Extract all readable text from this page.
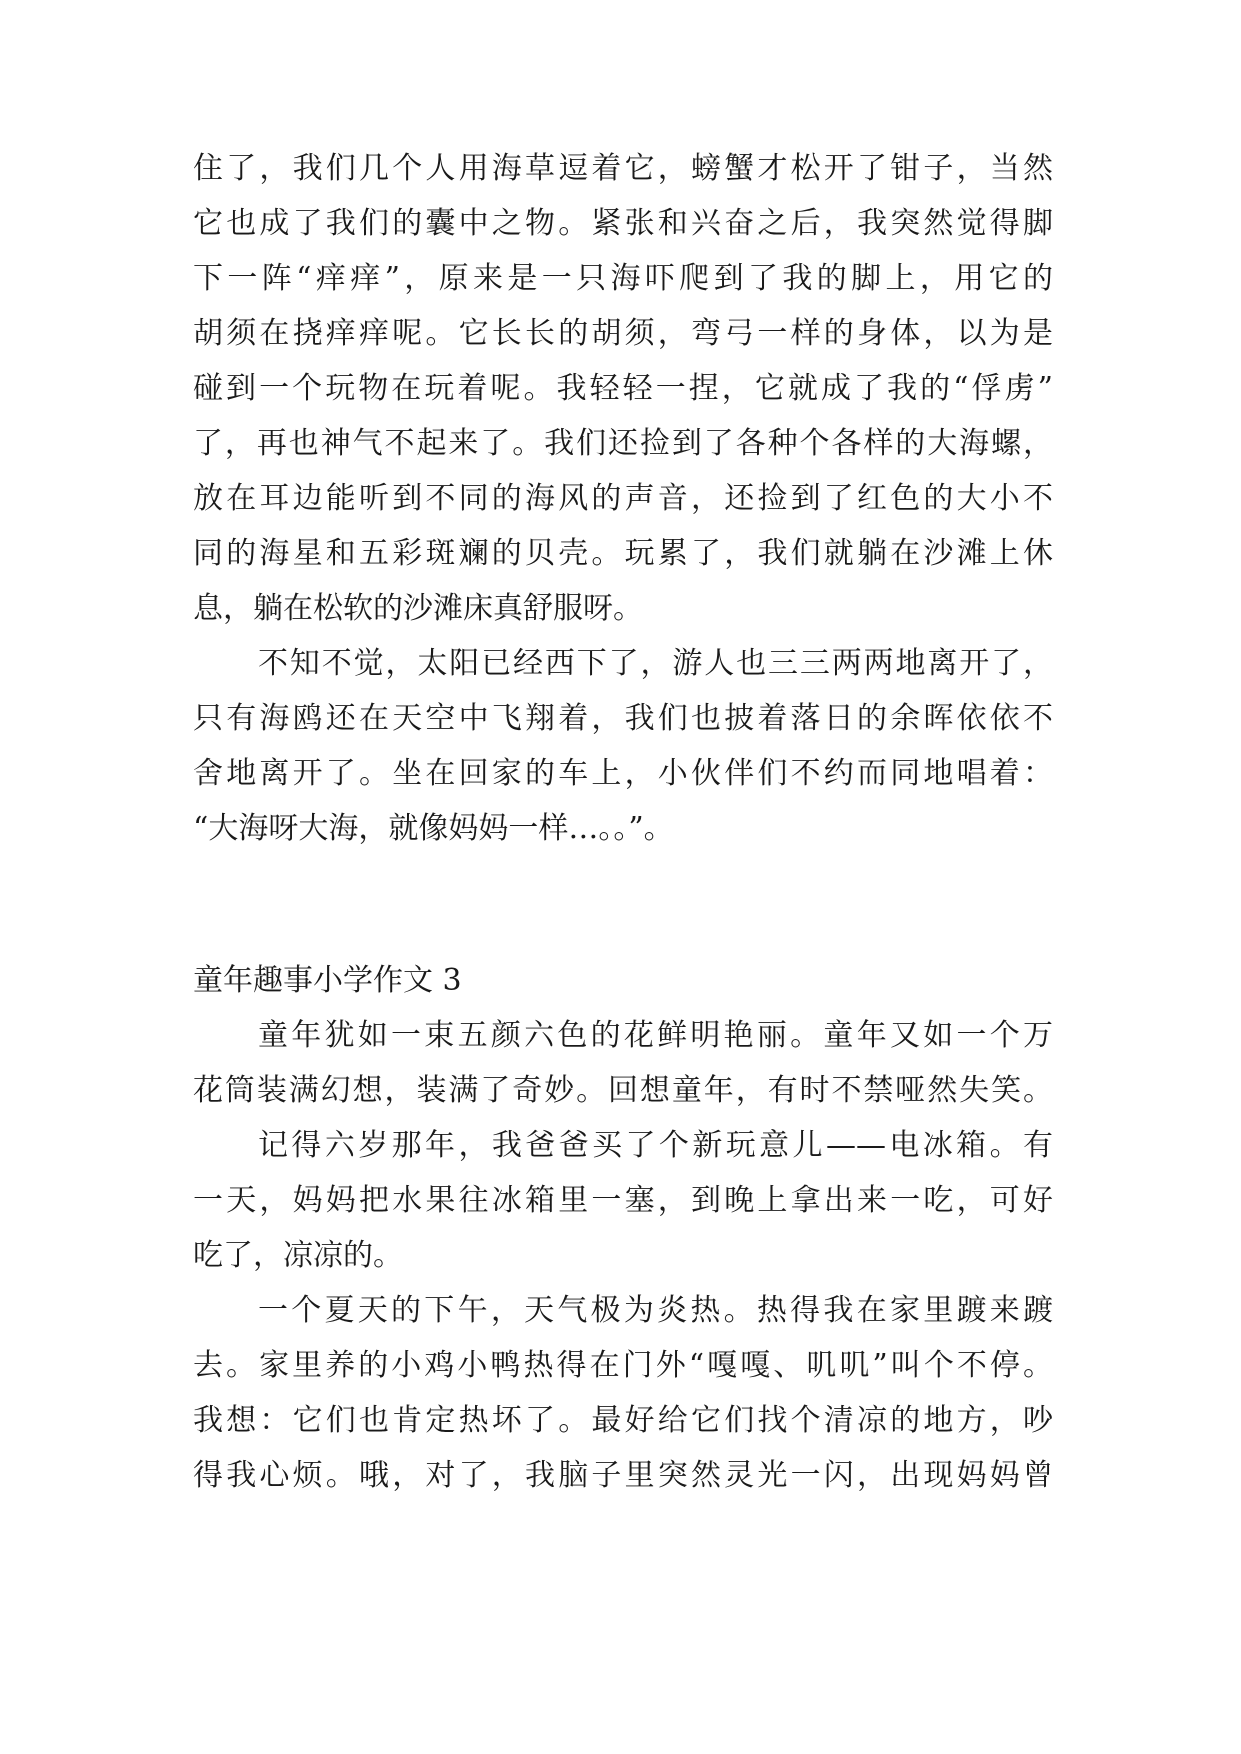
住了，我们几个人用海草逗着它，螃蟹才松开了钳子，当然
它也成了我们的囊中之物。紧张和兴奋之后，我突然觉得脚
下一阵“痒痒”，原来是一只海吓爬到了我的脚上，用它的
胡须在挠痒痒呢。它长长的胡须，弯弓一样的身体，以为是
碰到一个玩物在玩着呢。我轻轻一捏，它就成了我的“俘虏”
了，再也神气不起来了。我们还捡到了各种个各样的大海螺，
放在耳边能听到不同的海风的声音，还捡到了红色的大小不
同的海星和五彩斑斓的贝壳。玩累了，我们就躺在沙滩上休
息，躺在松软的沙滩床真舒服呀。
不知不觉，太阳已经西下了，游人也三三两两地离开了，
只有海鸥还在天空中飞翔着，我们也披着落日的余晖依依不
舍地离开了。坐在回家的车上，小伙伴们不约而同地唱着：
“大海呀大海，就像妈妈一样…。。”。
童年趣事小学作文 3
童年犹如一束五颜六色的花鲜明艳丽。童年又如一个万
花筒装满幻想，装满了奇妙。回想童年，有时不禁哑然失笑。
记得六岁那年，我爸爸买了个新玩意儿——电冰箱。有
一天，妈妈把水果往冰箱里一塞，到晚上拿出来一吃，可好
吃了，凉凉的。
一个夏天的下午，天气极为炎热。热得我在家里踱来踱
去。家里养的小鸡小鸭热得在门外“嘎嘎、叽叽”叫个不停。
我想：它们也肯定热坏了。最好给它们找个清凉的地方，吵
得我心烦。哦，对了，我脑子里突然灵光一闪，出现妈妈曾
